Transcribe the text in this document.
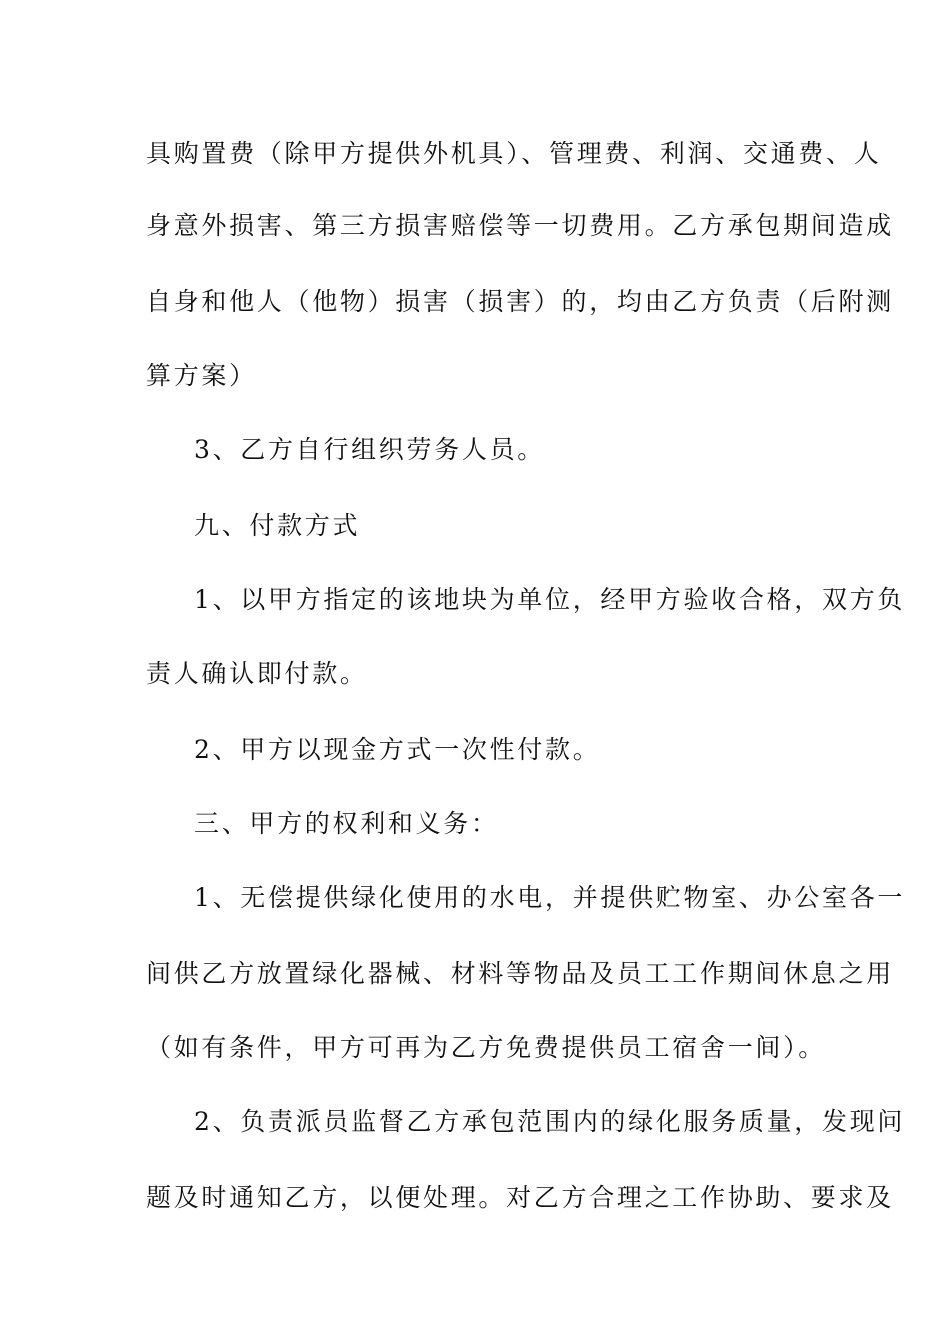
具购置费（除甲方提供外机具）、管理费、利润、交通费、人
身意外损害、第三方损害赔偿等一切费用。乙方承包期间造成
自身和他人（他物）损害（损害）的，均由乙方负责（后附测
算方案）
3、乙方自行组织劳务人员。
九、付款方式
1、以甲方指定的该地块为单位，经甲方验收合格，双方负
责人确认即付款。
2、甲方以现金方式一次性付款。
三、甲方的权利和义务：
1、无偿提供绿化使用的水电，并提供贮物室、办公室各一
间供乙方放置绿化器械、材料等物品及员工工作期间休息之用
（如有条件，甲方可再为乙方免费提供员工宿舍一间）。
2、负责派员监督乙方承包范围内的绿化服务质量，发现问
题及时通知乙方，以便处理。对乙方合理之工作协助、要求及
